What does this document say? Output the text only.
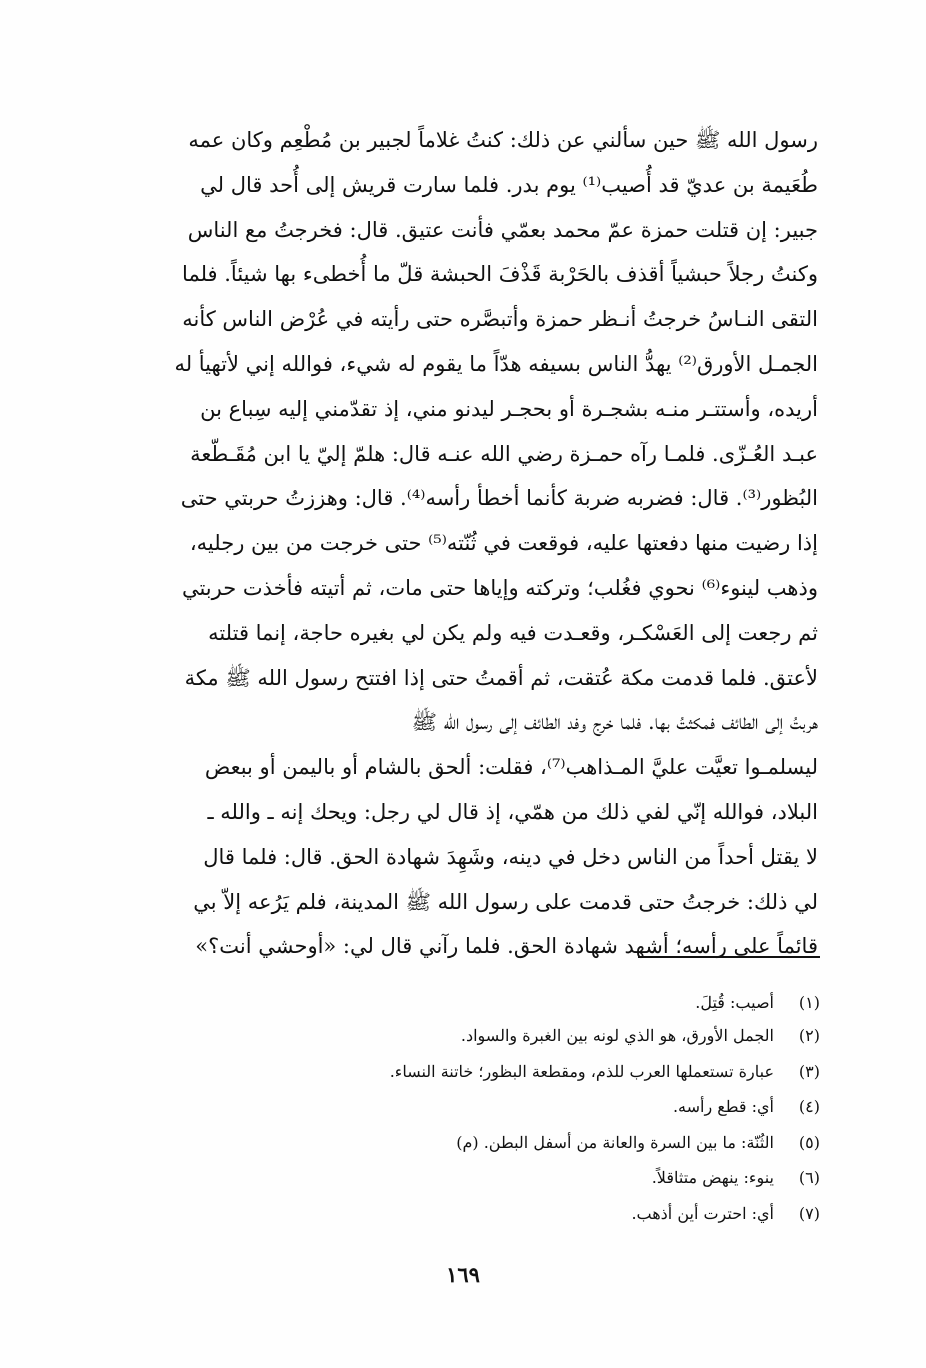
رسول الله ﷺ حين سألني عن ذلك: كنتُ غلاماً لجبير بن مُطْعِم وكان عمه
طُعَيمة بن عديّ قد أُصيب⁽¹⁾ يوم بدر. فلما سارت قريش إلى أُحد قال لي
جبير: إن قتلت حمزة عمّ محمد بعمّي فأنت عتيق. قال: فخرجتُ مع الناس
وكنتُ رجلاً حبشياً أقذف بالحَرْبة قَذْفَ الحبشة قلّ ما أُخطىء بها شيئاً. فلما
التقى النـاسُ خرجتُ أنـظر حمزة وأتبصَّره حتى رأيته في عُرْض الناس كأنه
الجمـل الأورق⁽²⁾ يهدُّ الناس بسيفه هدّاً ما يقوم له شيء، فوالله إني لأتهيأ له
أريده، وأستتـر منـه بشجـرة أو بحجـر ليدنو مني، إذ تقدّمني إليه سِباع بن
عبـد العُـزّى. فلمـا رآه حمـزة رضي الله عنـه قال: هلمّ إليّ يا ابن مُقَـطّعة
البُظور⁽³⁾. قال: فضربه ضربة كأنما أخطأ رأسه⁽⁴⁾. قال: وهززتُ حربتي حتى
إذا رضيت منها دفعتها عليه، فوقعت في ثُنّته⁽⁵⁾ حتى خرجت من بين رجليه،
وذهب لينوء⁽⁶⁾ نحوي فغُلب؛ وتركته وإياها حتى مات، ثم أتيته فأخذت حربتي
ثم رجعت إلى العَسْكـر، وقعـدت فيه ولم يكن لي بغيره حاجة، إنما قتلته
لأعتق. فلما قدمت مكة عُتقت، ثم أقمتُ حتى إذا افتتح رسول الله ﷺ مكة
هربتُ إلى الطائف فمكثتُ بها. فلما خرج وفد الطائف إلى رسول الله ﷺ
ليسلمـوا تعيَّت عليَّ المـذاهب⁽⁷⁾، فقلت: ألحق بالشام أو باليمن أو ببعض
البلاد، فوالله إنّي لفي ذلك من همّي، إذ قال لي رجل: ويحك إنه ـ والله ـ
لا يقتل أحداً من الناس دخل في دينه، وشَهِدَ شهادة الحق. قال: فلما قال
لي ذلك: خرجتُ حتى قدمت على رسول الله ﷺ المدينة، فلم يَرُعه إلاّ بي
قائماً على رأسه؛ أشهد شهادة الحق. فلما رآني قال لي: «أوحشي أنت؟»
(١)
أصيب: قُتِلَ.
(٢)
الجمل الأورق، هو الذي لونه بين الغبرة والسواد.
(٣)
عبارة تستعملها العرب للذم، ومقطعة البظور؛ خاتنة النساء.
(٤)
أي: قطع رأسه.
(٥)
الثُنّة: ما بين السرة والعانة من أسفل البطن. (م)
(٦)
ينوء: ينهض متثاقلاً.
(٧)
أي: احترت أين أذهب.
١٦٩
